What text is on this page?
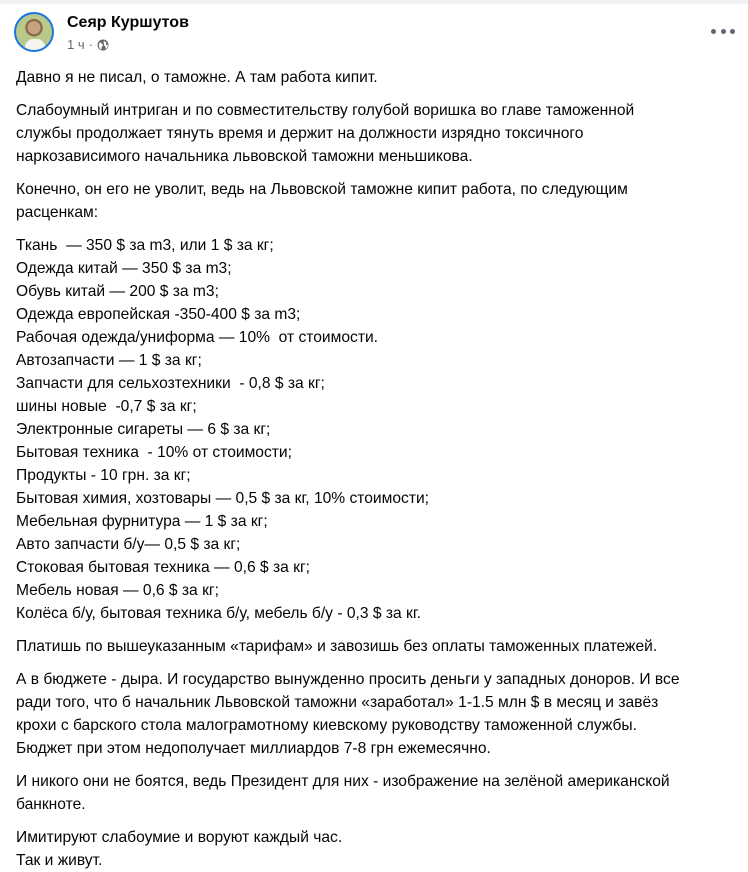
Сеяр Куршутов
1 ч ·
Давно я не писал, о таможне. А там работа кипит.
Слабоумный интриган и по совместительству голубой воришка во главе таможенной
службы продолжает тянуть время и держит на должности изрядно токсичного
наркозависимого начальника львовской таможни меньшикова.
Конечно, он его не уволит, ведь на Львовской таможне кипит работа, по следующим
расценкам:
Ткань  — 350 $ за m3, или 1 $ за кг;
Одежда китай — 350 $ за m3;
Обувь китай — 200 $ за m3;
Одежда европейская -350-400 $ за m3;
Рабочая одежда/униформа — 10%  от стоимости.
Автозапчасти — 1 $ за кг;
Запчасти для сельхозтехники  - 0,8 $ за кг;
шины новые  -0,7 $ за кг;
Электронные сигареты — 6 $ за кг;
Бытовая техника  - 10% от стоимости;
Продукты - 10 грн. за кг;
Бытовая химия, хозтовары — 0,5 $ за кг, 10% стоимости;
Мебельная фурнитура — 1 $ за кг;
Авто запчасти б/у— 0,5 $ за кг;
Стоковая бытовая техника — 0,6 $ за кг;
Мебель новая — 0,6 $ за кг;
Колёса б/у, бытовая техника б/у, мебель б/у - 0,3 $ за кг.
Платишь по вышеуказанным «тарифам» и завозишь без оплаты таможенных платежей.
А в бюджете - дыра. И государство вынужденно просить деньги у западных доноров. И все
ради того, что б начальник Львовской таможни «заработал» 1-1.5 млн $ в месяц и завёз
крохи с барского стола малограмотному киевскому руководству таможенной службы.
Бюджет при этом недополучает миллиардов 7-8 грн ежемесячно.
И никого они не боятся, ведь Президент для них - изображение на зелёной американской
банкноте.
Имитируют слабоумие и воруют каждый час.
Так и живут.
